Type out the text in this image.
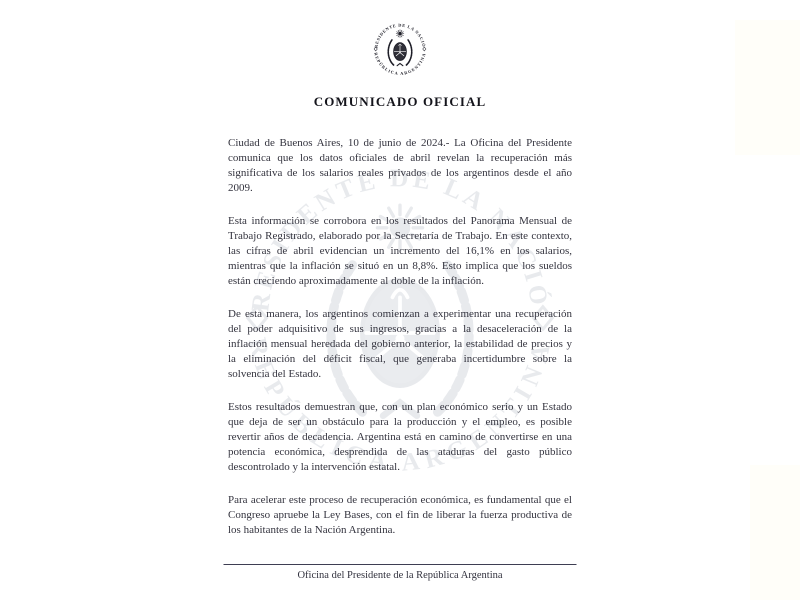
COMUNICADO OFICIAL

Ciudad de Buenos Aires, 10 de junio de 2024.- La Oficina del Presidente comunica que los datos oficiales de abril revelan la recuperación más significativa de los salarios reales privados de los argentinos desde el año 2009.

Esta información se corrobora en los resultados del Panorama Mensual de Trabajo Registrado, elaborado por la Secretaría de Trabajo. En este contexto, las cifras de abril evidencian un incremento del 16,1% en los salarios, mientras que la inflación se situó en un 8,8%. Esto implica que los sueldos están creciendo aproximadamente al doble de la inflación.

De esta manera, los argentinos comienzan a experimentar una recuperación del poder adquisitivo de sus ingresos, gracias a la desaceleración de la inflación mensual heredada del gobierno anterior, la estabilidad de precios y la eliminación del déficit fiscal, que generaba incertidumbre sobre la solvencia del Estado.

Estos resultados demuestran que, con un plan económico serio y un Estado que deja de ser un obstáculo para la producción y el empleo, es posible revertir años de decadencia. Argentina está en camino de convertirse en una potencia económica, desprendida de las ataduras del gasto público descontrolado y la intervención estatal.

Para acelerar este proceso de recuperación económica, es fundamental que el Congreso apruebe la Ley Bases, con el fin de liberar la fuerza productiva de los habitantes de la Nación Argentina.

Oficina del Presidente de la República Argentina
